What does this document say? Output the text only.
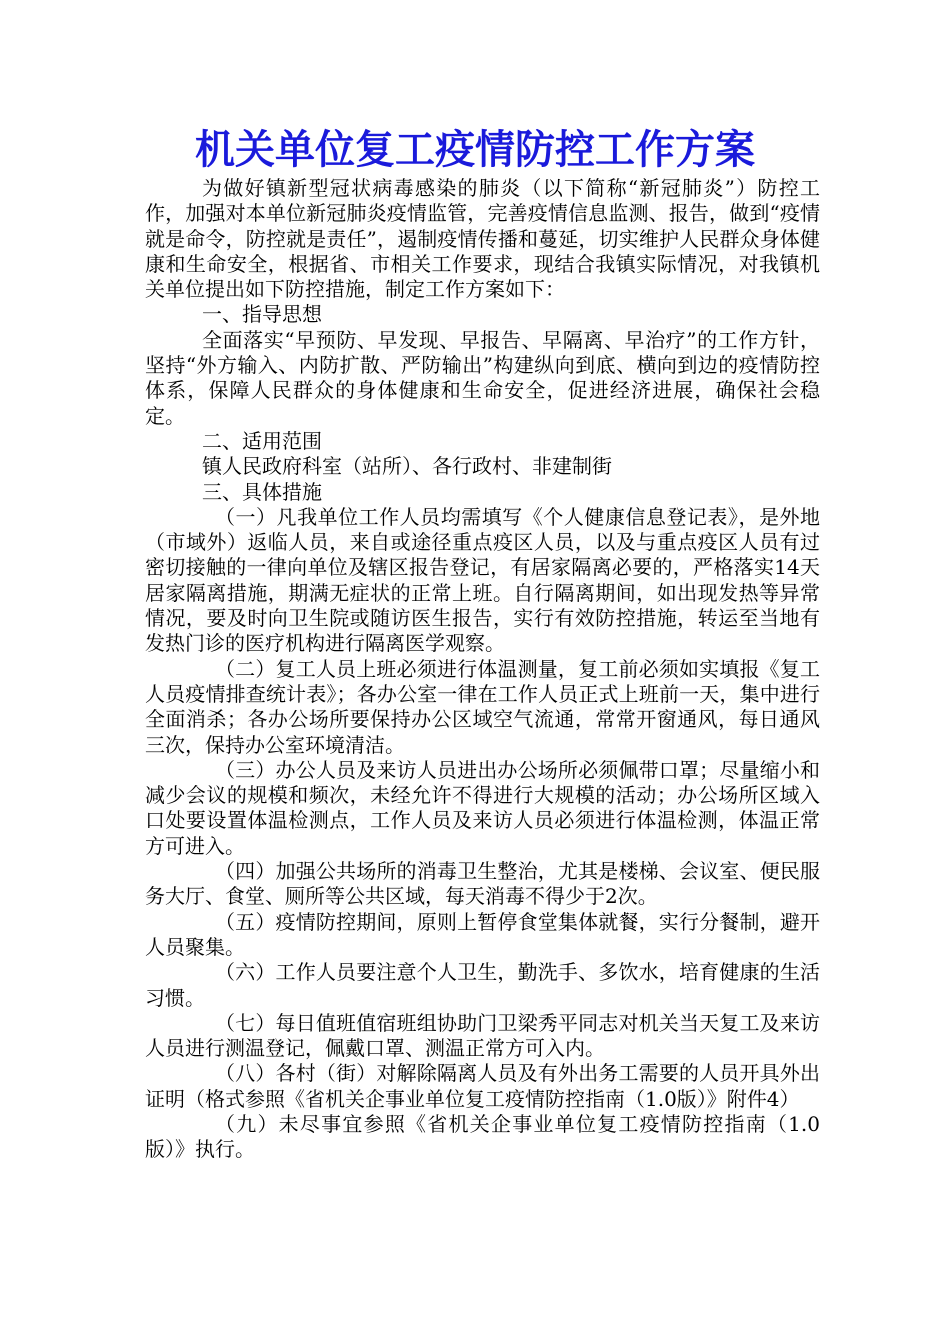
机关单位复工疫情防控工作方案

为做好镇新型冠状病毒感染的肺炎（以下简称“新冠肺炎”）防控工作，加强对本单位新冠肺炎疫情监管，完善疫情信息监测、报告，做到“疫情就是命令，防控就是责任”，遏制疫情传播和蔓延，切实维护人民群众身体健康和生命安全，根据省、市相关工作要求，现结合我镇实际情况，对我镇机关单位提出如下防控措施，制定工作方案如下：

一、指导思想

全面落实“早预防、早发现、早报告、早隔离、早治疗”的工作方针，坚持“外方输入、内防扩散、严防输出”构建纵向到底、横向到边的疫情防控体系，保障人民群众的身体健康和生命安全，促进经济进展，确保社会稳定。

二、适用范围

镇人民政府科室（站所）、各行政村、非建制街

三、具体措施

（一）凡我单位工作人员均需填写《个人健康信息登记表》，是外地（市域外）返临人员，来自或途径重点疫区人员，以及与重点疫区人员有过密切接触的一律向单位及辖区报告登记，有居家隔离必要的，严格落实14天居家隔离措施，期满无症状的正常上班。自行隔离期间，如出现发热等异常情况，要及时向卫生院或随访医生报告，实行有效防控措施，转运至当地有发热门诊的医疗机构进行隔离医学观察。

（二）复工人员上班必须进行体温测量，复工前必须如实填报《复工人员疫情排查统计表》；各办公室一律在工作人员正式上班前一天，集中进行全面消杀；各办公场所要保持办公区域空气流通，常常开窗通风，每日通风三次，保持办公室环境清洁。

（三）办公人员及来访人员进出办公场所必须佩带口罩；尽量缩小和减少会议的规模和频次，未经允许不得进行大规模的活动；办公场所区域入口处要设置体温检测点，工作人员及来访人员必须进行体温检测，体温正常方可进入。

（四）加强公共场所的消毒卫生整治，尤其是楼梯、会议室、便民服务大厅、食堂、厕所等公共区域，每天消毒不得少于2次。

（五）疫情防控期间，原则上暂停食堂集体就餐，实行分餐制，避开人员聚集。

（六）工作人员要注意个人卫生，勤洗手、多饮水，培育健康的生活习惯。

（七）每日值班值宿班组协助门卫梁秀平同志对机关当天复工及来访人员进行测温登记，佩戴口罩、测温正常方可入内。

（八）各村（街）对解除隔离人员及有外出务工需要的人员开具外出证明（格式参照《省机关企事业单位复工疫情防控指南（1.0版）》附件4）

（九）未尽事宜参照《省机关企事业单位复工疫情防控指南（1.0版）》执行。
